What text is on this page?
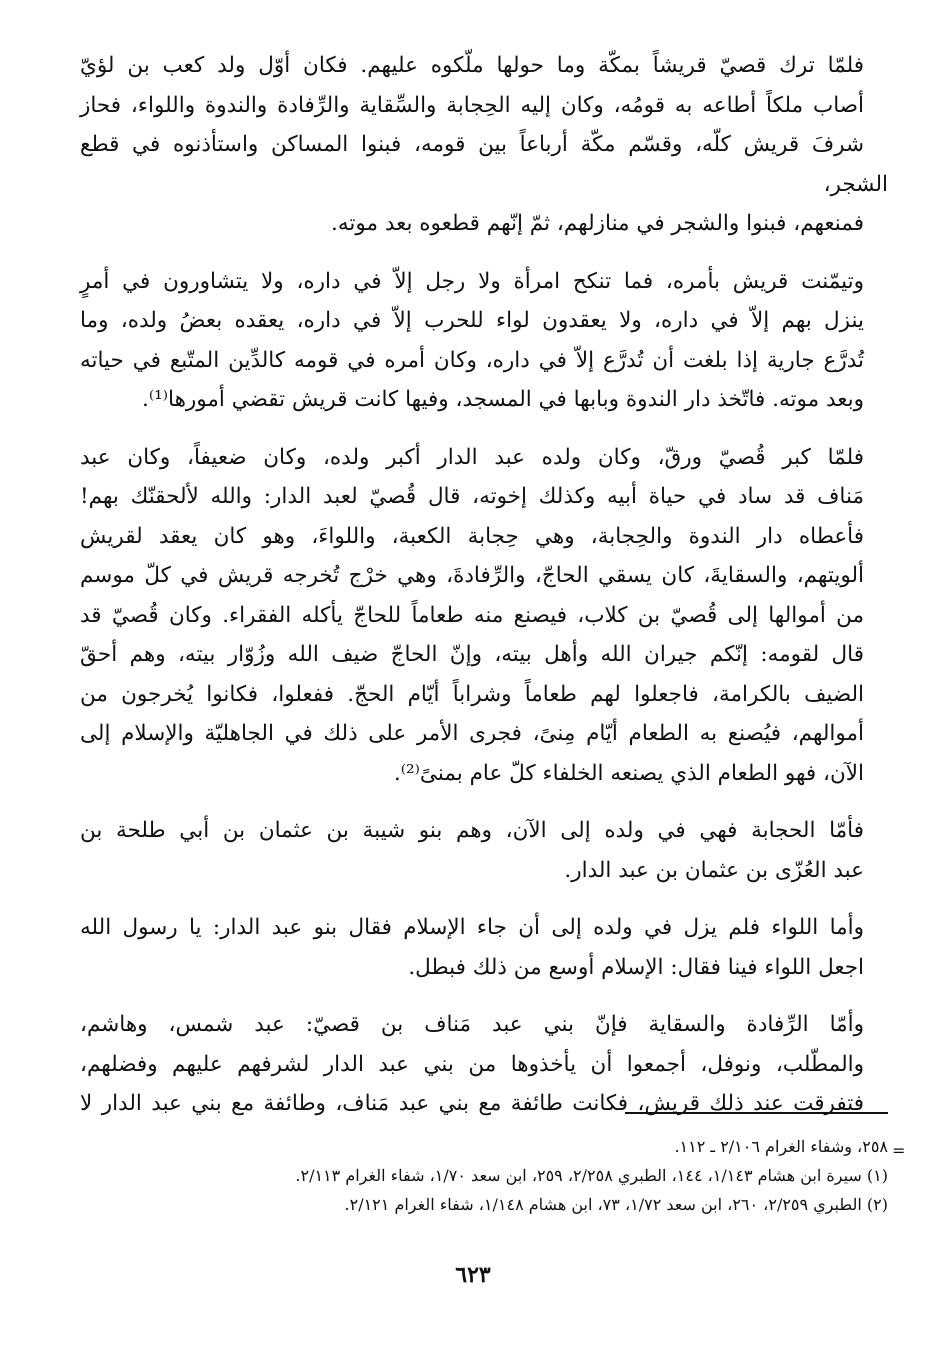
فلمّا ترك قصيّ قريشاً بمكّة وما حولها ملّكوه عليهم. فكان أوّل ولد كعب بن لؤيّ
أصاب ملكاً أطاعه به قومُه، وكان إليه الحِجابة والسِّقاية والرِّفادة والندوة واللواء، فحاز
شرفَ قريش كلّه، وقسّم مكّة أرباعاً بين قومه، فبنوا المساكن واستأذنوه في قطع الشجر،
فمنعهم، فبنوا والشجر في منازلهم، ثمّ إنّهم قطعوه بعد موته.

وتيمّنت قريش بأمره، فما تنكح امرأة ولا رجل إلاّ في داره، ولا يتشاورون في أمرٍ
ينزل بهم إلاّ في داره، ولا يعقدون لواء للحرب إلاّ في داره، يعقده بعضُ ولده، وما
تُدرَّع جارية إذا بلغت أن تُدرَّع إلاّ في داره، وكان أمره في قومه كالدِّين المتّبع في حياته
وبعد موته. فاتّخذ دار الندوة وبابها في المسجد، وفيها كانت قريش تقضي أمورها⁽¹⁾.

فلمّا كبر قُصيّ ورقّ، وكان ولده عبد الدار أكبر ولده، وكان ضعيفاً، وكان عبد
مَناف قد ساد في حياة أبيه وكذلك إخوته، قال قُصيّ لعبد الدار: والله لألحقنّك بهم!
فأعطاه دار الندوة والحِجابة، وهي حِجابة الكعبة، واللواءَ، وهو كان يعقد لقريش
ألويتهم، والسقايةَ، كان يسقي الحاجّ، والرِّفادةَ، وهي خرْج تُخرجه قريش في كلّ موسم
من أموالها إلى قُصيّ بن كلاب، فيصنع منه طعاماً للحاجّ يأكله الفقراء. وكان قُصيّ قد
قال لقومه: إنّكم جيران الله وأهل بيته، وإنّ الحاجّ ضيف الله وزُوّار بيته، وهم أحقّ
الضيف بالكرامة، فاجعلوا لهم طعاماً وشراباً أيّام الحجّ. ففعلوا، فكانوا يُخرجون من
أموالهم، فيُصنع به الطعام أيّام مِنىً، فجرى الأمر على ذلك في الجاهليّة والإسلام إلى
الآن، فهو الطعام الذي يصنعه الخلفاء كلّ عام بمنىً⁽²⁾.

فأمّا الحجابة فهي في ولده إلى الآن، وهم بنو شيبة بن عثمان بن أبي طلحة بن
عبد العُزّى بن عثمان بن عبد الدار.

وأما اللواء فلم يزل في ولده إلى أن جاء الإسلام فقال بنو عبد الدار: يا رسول الله
اجعل اللواء فينا فقال: الإسلام أوسع من ذلك فبطل.

وأمّا الرِّفادة والسقاية فإنّ بني عبد مَناف بن قصيّ: عبد شمس، وهاشم،
والمطّلب، ونوفل، أجمعوا أن يأخذوها من بني عبد الدار لشرفهم عليهم وفضلهم،
فتفرقت عند ذلك قريش، فكانت طائفة مع بني عبد مَناف، وطائفة مع بني عبد الدار لا

=
٢٥٨، وشفاء الغرام ٢/١٠٦ ـ ١١٢.
(١) سيرة ابن هشام ١/١٤٣، ١٤٤، الطبري ٢/٢٥٨، ٢٥٩، ابن سعد ١/٧٠، شفاء الغرام ٢/١١٣.
(٢) الطبري ٢/٢٥٩، ٢٦٠، ابن سعد ١/٧٢، ٧٣، ابن هشام ١/١٤٨، شفاء الغرام ٢/١٢١.
٦٢٣
